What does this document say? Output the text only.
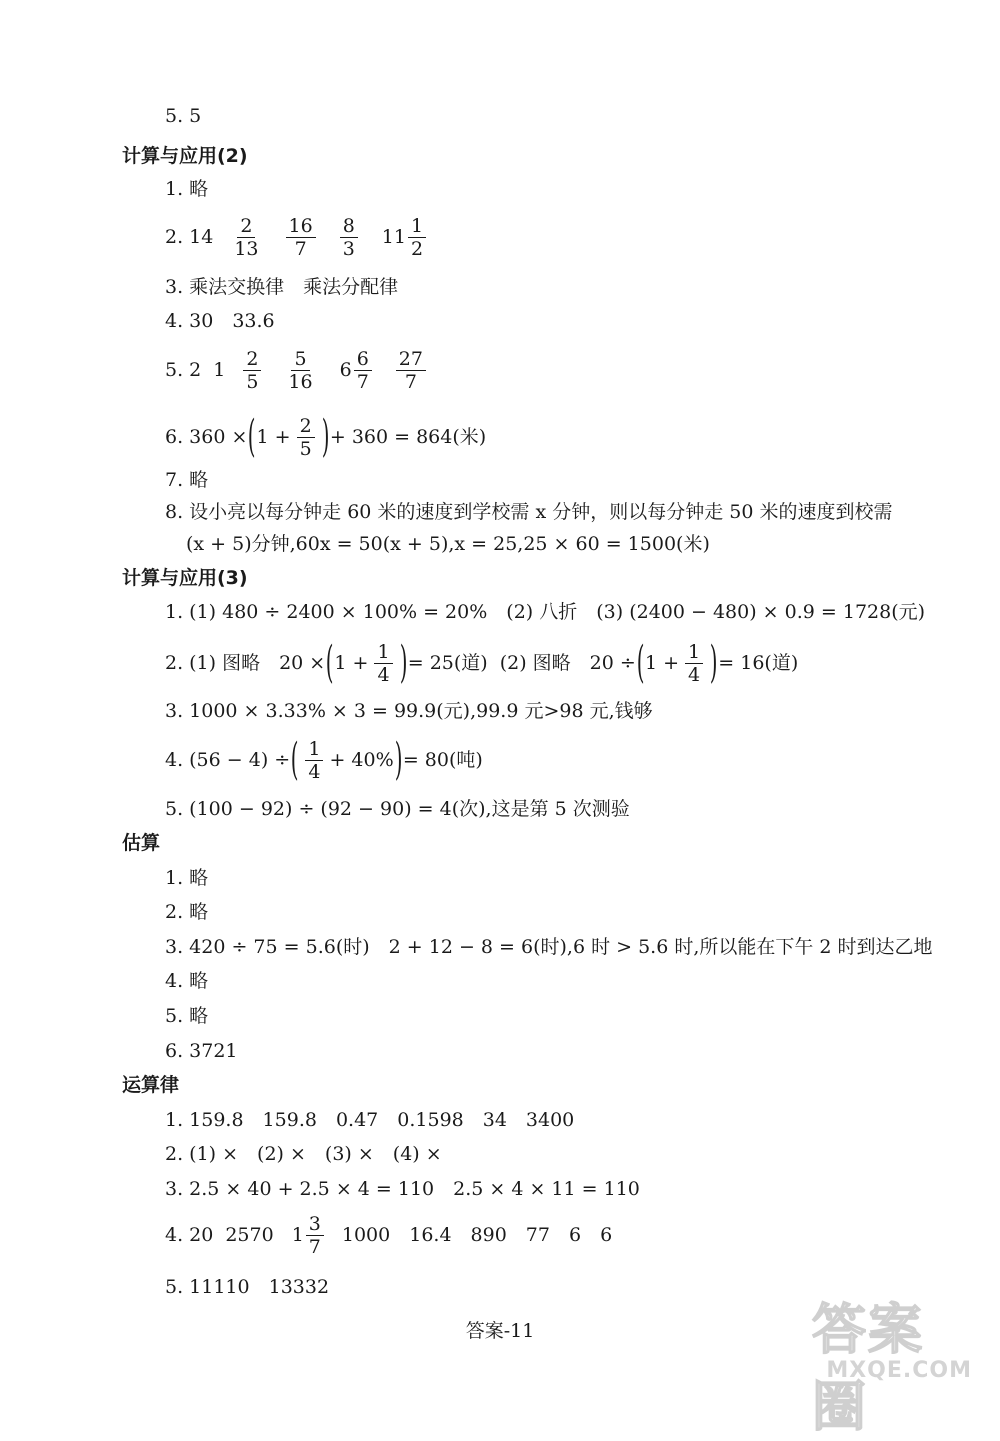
5. 5
计算与应用(2)
1. 略
2. $14 \frac{2}{13} \frac{16}{7} \frac{8}{3} 11 \frac{1}{2}$
3. 乘法交换律　乘法分配律
4. 30　33.6
5. 2 $1 \frac{2}{5} \frac{5}{16} 6 \frac{6}{7} \frac{27}{7}$
6. 360 × ( $1 + \frac{2}{5}$ ) + 360 = 864(米)
7. 略
8. 设小亮以每分钟走 60 米的速度到学校需 x 分钟，则以每分钟走 50 米的速度到校需
(x + 5)分钟,60x = 50(x + 5),x = 25,25 × 60 = 1500(米)
计算与应用(3)
1. (1) 480 ÷ 2400 × 100% = 20%　(2) 八折　(3) (2400 − 480) × 0.9 = 1728(元)
2. (1) 图略　20 × ( $1 + \frac{1}{4}$ ) = 25(道) (2) 图略　20 ÷ ( $1 + \frac{1}{4}$ ) = 16(道)
3. 1000 × 3.33% × 3 = 99.9(元),99.9 元>98 元,钱够
4. (56 − 4) ÷ ( $\frac{1}{4} + 40\%$ ) = 80(吨)
5. (100 − 92) ÷ (92 − 90) = 4(次),这是第 5 次测验
估算
1. 略
2. 略
3. 420 ÷ 75 = 5.6(时)　2 + 12 − 8 = 6(时),6 时 > 5.6 时,所以能在下午 2 时到达乙地
4. 略
5. 略
6. 3721
运算律
1. 159.8　159.8　0.47　0.1598　34　3400
2. (1) ×　(2) ×　(3) ×　(4) ×
3. 2.5 × 40 + 2.5 × 4 = 110　2.5 × 4 × 11 = 110
4. 20 2570 $1 \frac{3}{7} 1000$　16.4　890　77　6　6
5. 11110　13332
答案-11	答案圈
MXQE.COM
